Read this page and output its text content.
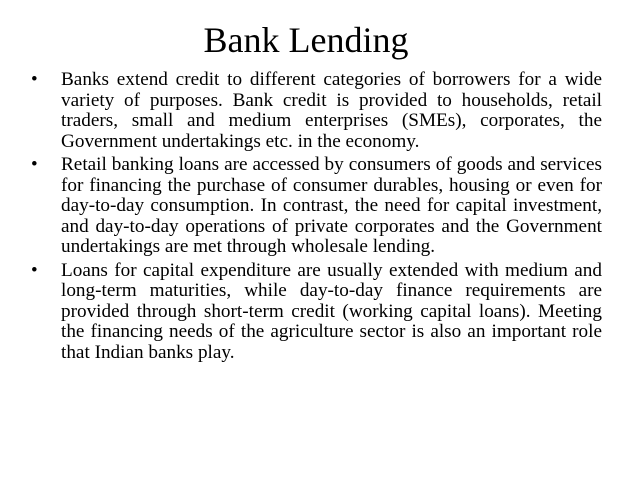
Bank Lending
• Banks extend credit to different categories of borrowers for a wide variety of purposes. Bank credit is provided to households, retail traders, small and medium enterprises (SMEs), corporates, the Government undertakings etc. in the economy.
• Retail banking loans are accessed by consumers of goods and services for financing the purchase of consumer durables, housing or even for day-to-day consumption. In contrast, the need for capital investment, and day-to-day operations of private corporates and the Government undertakings are met through wholesale lending.
• Loans for capital expenditure are usually extended with medium and long-term maturities, while day-to-day finance requirements are provided through short-term credit (working capital loans). Meeting the financing needs of the agriculture sector is also an important role that Indian banks play.
